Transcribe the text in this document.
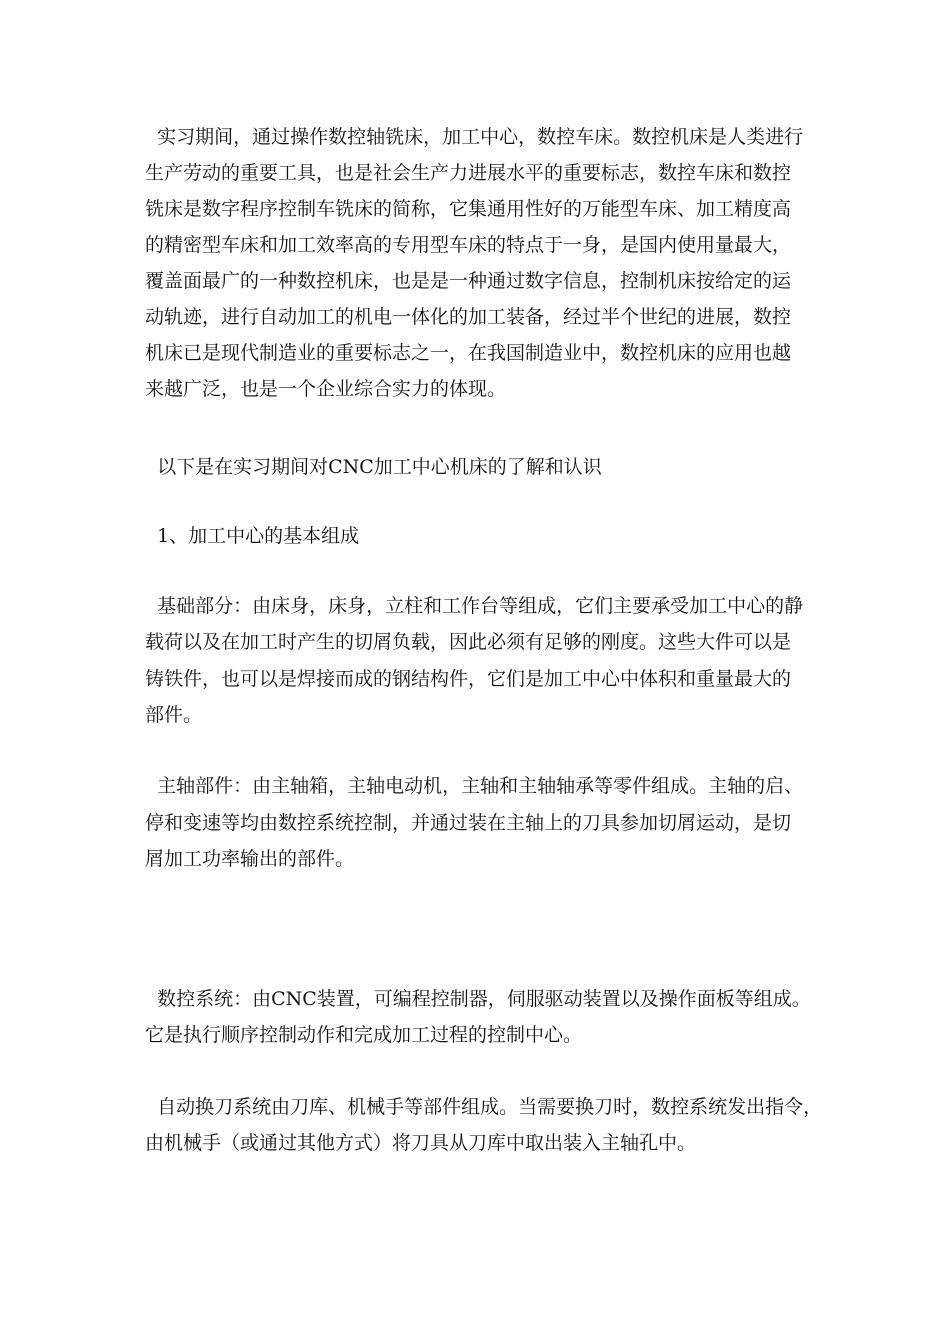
实习期间，通过操作数控轴铣床，加工中心，数控车床。数控机床是人类进行

生产劳动的重要工具，也是社会生产力进展水平的重要标志，数控车床和数控

铣床是数字程序控制车铣床的简称，它集通用性好的万能型车床、加工精度高

的精密型车床和加工效率高的专用型车床的特点于一身，是国内使用量最大，

覆盖面最广的一种数控机床，也是是一种通过数字信息，控制机床按给定的运

动轨迹，进行自动加工的机电一体化的加工装备，经过半个世纪的进展，数控

机床已是现代制造业的重要标志之一，在我国制造业中，数控机床的应用也越

来越广泛，也是一个企业综合实力的体现。

以下是在实习期间对CNC加工中心机床的了解和认识

1、加工中心的基本组成

基础部分：由床身，床身，立柱和工作台等组成，它们主要承受加工中心的静

载荷以及在加工时产生的切屑负载，因此必须有足够的刚度。这些大件可以是

铸铁件，也可以是焊接而成的钢结构件，它们是加工中心中体积和重量最大的

部件。

主轴部件：由主轴箱，主轴电动机，主轴和主轴轴承等零件组成。主轴的启、

停和变速等均由数控系统控制，并通过装在主轴上的刀具参加切屑运动，是切

屑加工功率输出的部件。

数控系统：由CNC装置，可编程控制器，伺服驱动装置以及操作面板等组成。

它是执行顺序控制动作和完成加工过程的控制中心。

自动换刀系统由刀库、机械手等部件组成。当需要换刀时，数控系统发出指令，

由机械手（或通过其他方式）将刀具从刀库中取出装入主轴孔中。
